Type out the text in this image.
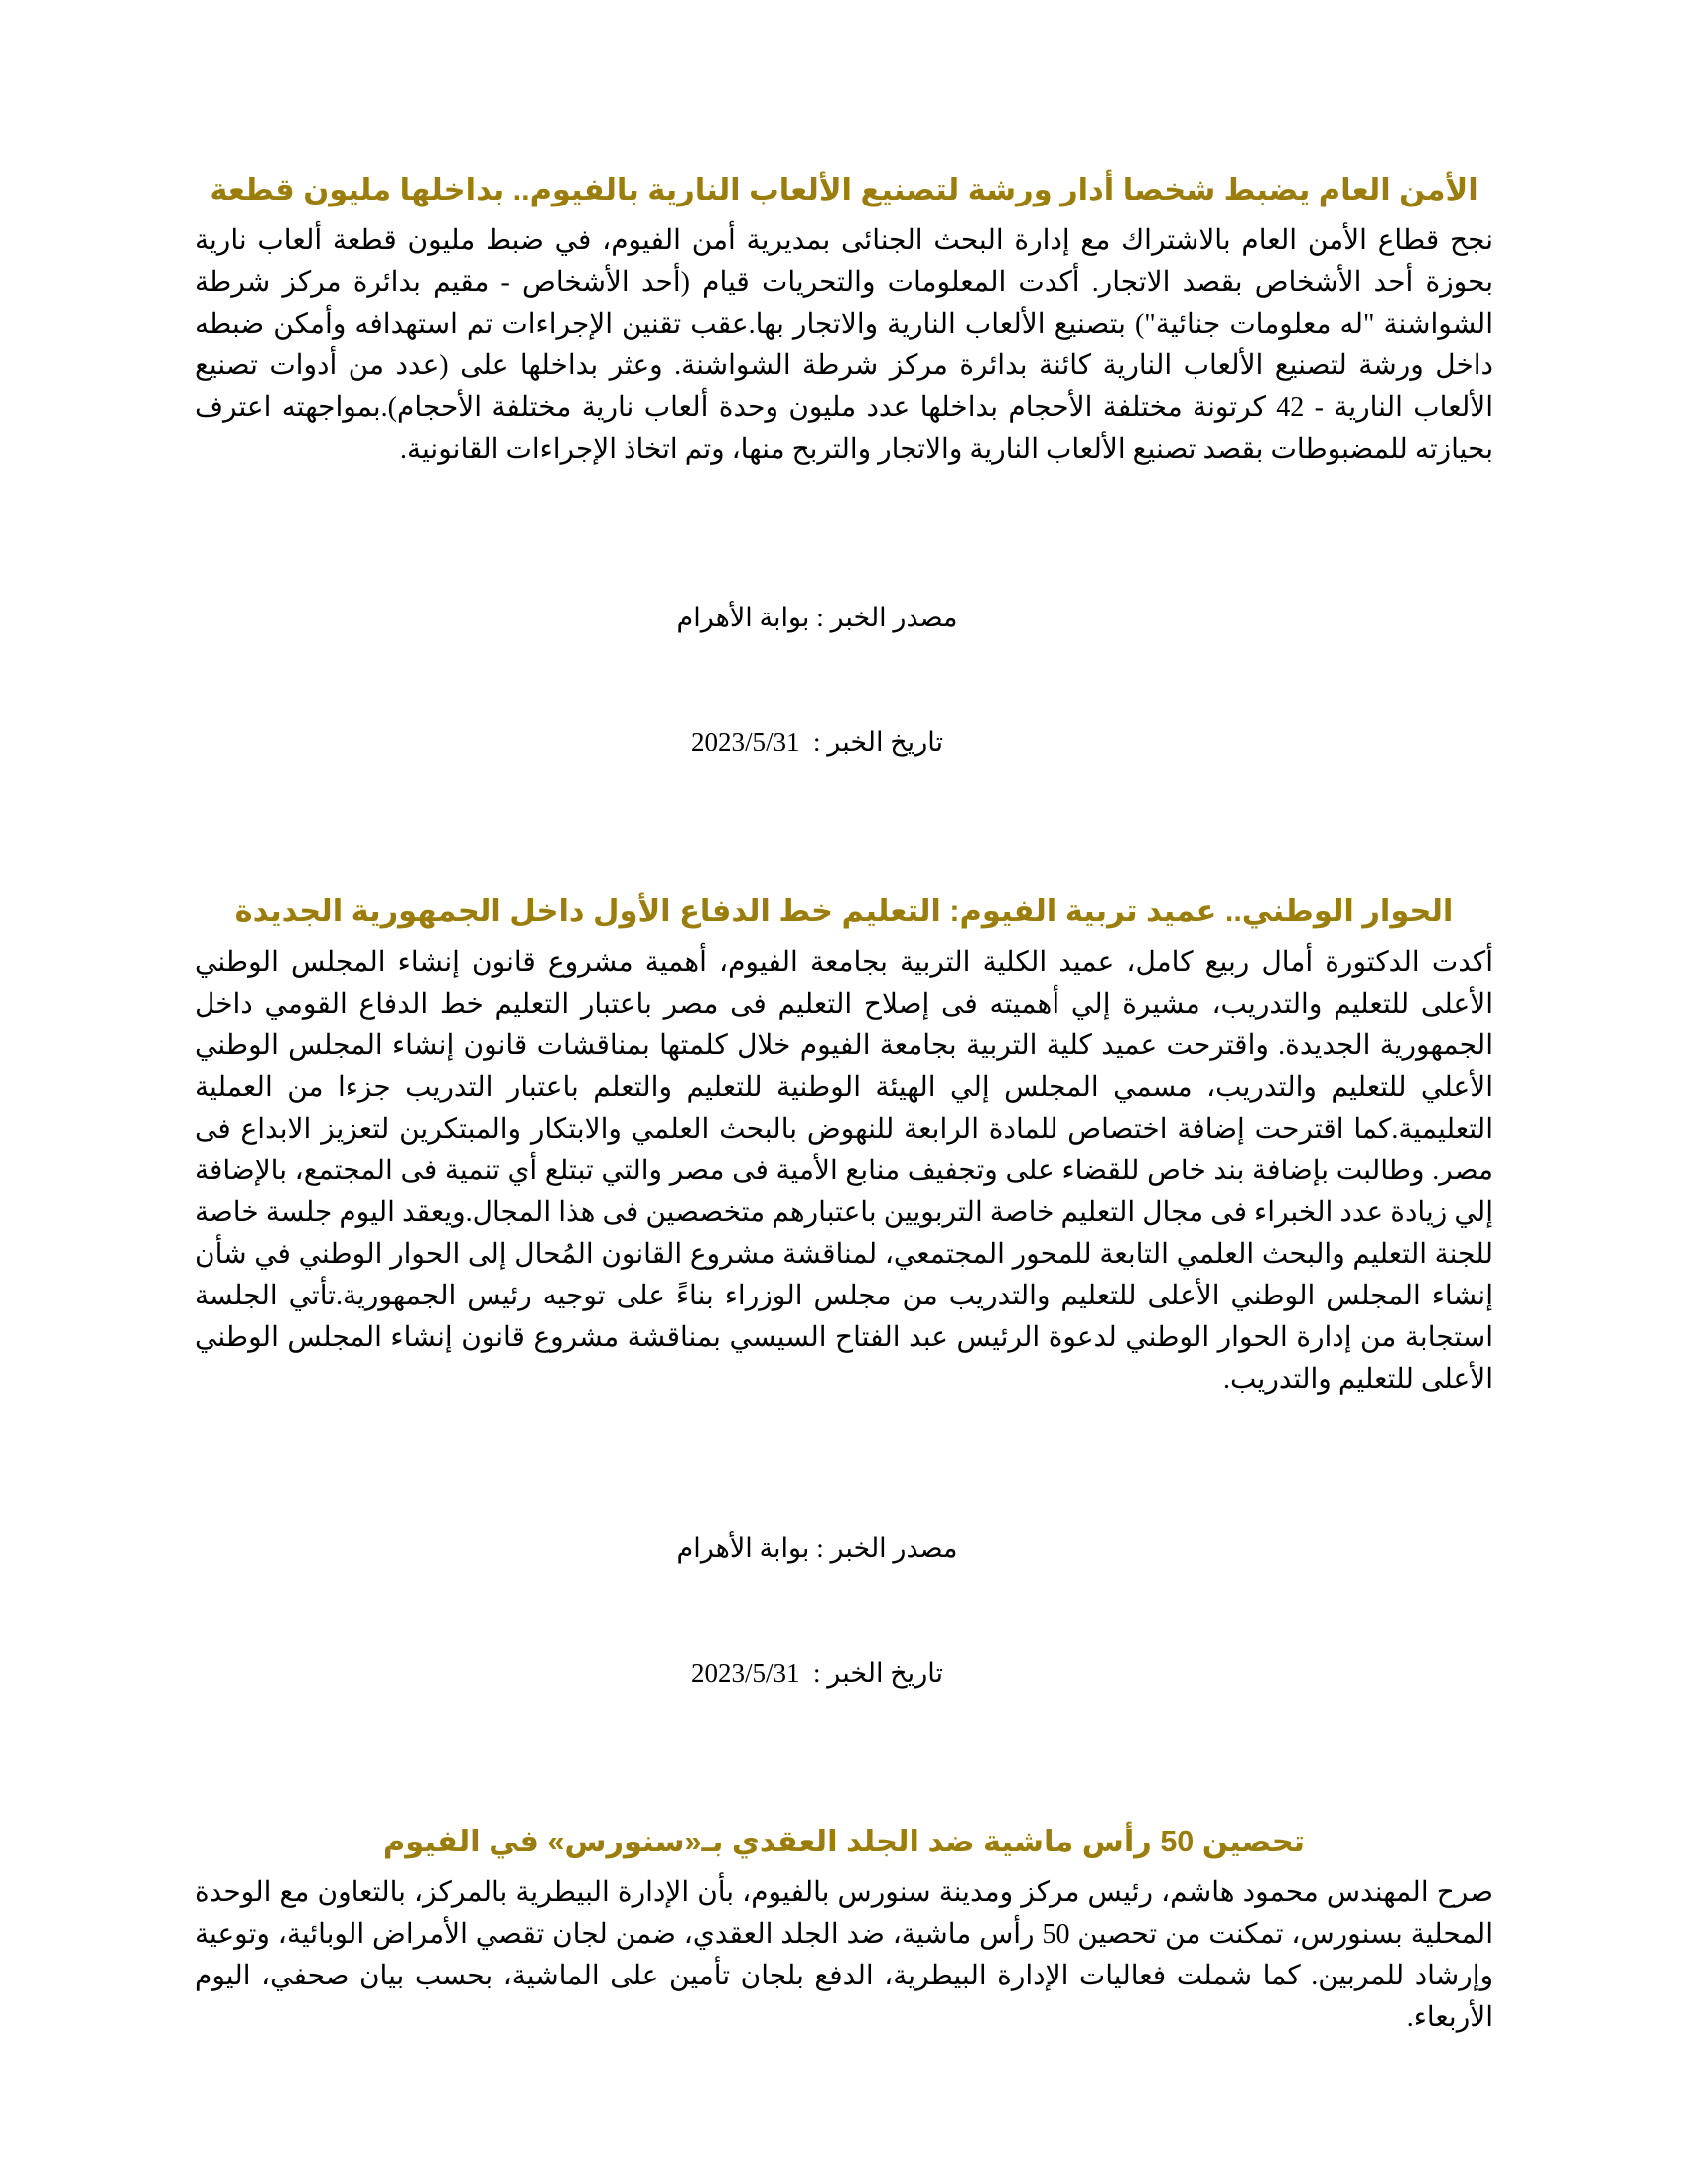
الأمن العام يضبط شخصا أدار ورشة لتصنيع الألعاب النارية بالفيوم.. بداخلها مليون قطعة

نجح قطاع الأمن العام بالاشتراك مع إدارة البحث الجنائى بمديرية أمن الفيوم، في ضبط مليون قطعة ألعاب نارية بحوزة أحد الأشخاص بقصد الاتجار. أكدت المعلومات والتحريات قيام (أحد الأشخاص - مقيم بدائرة مركز شرطة الشواشنة "له معلومات جنائية") بتصنيع الألعاب النارية والاتجار بها.عقب تقنين الإجراءات تم استهدافه وأمكن ضبطه داخل ورشة لتصنيع الألعاب النارية كائنة بدائرة مركز شرطة الشواشنة. وعثر بداخلها على (عدد من أدوات تصنيع الألعاب النارية - 42 كرتونة مختلفة الأحجام بداخلها عدد مليون وحدة ألعاب نارية مختلفة الأحجام).بمواجهته اعترف بحيازته للمضبوطات بقصد تصنيع الألعاب النارية والاتجار والتربح منها، وتم اتخاذ الإجراءات القانونية.

مصدر الخبر : بوابة الأهرام

تاريخ الخبر :  2023/5/31

الحوار الوطني.. عميد تربية الفيوم: التعليم خط الدفاع الأول داخل الجمهورية الجديدة

أكدت الدكتورة أمال ربيع كامل، عميد الكلية التربية بجامعة الفيوم، أهمية مشروع قانون إنشاء المجلس الوطني الأعلى للتعليم والتدريب، مشيرة إلي أهميته فى إصلاح التعليم فى مصر باعتبار التعليم خط الدفاع القومي داخل الجمهورية الجديدة. واقترحت عميد كلية التربية بجامعة الفيوم خلال كلمتها بمناقشات قانون إنشاء المجلس الوطني الأعلي للتعليم والتدريب، مسمي المجلس إلي الهيئة الوطنية للتعليم والتعلم باعتبار التدريب جزءا من العملية التعليمية.كما اقترحت إضافة اختصاص للمادة الرابعة للنهوض بالبحث العلمي والابتكار والمبتكرين لتعزيز الابداع فى مصر. وطالبت بإضافة بند خاص للقضاء على وتجفيف منابع الأمية فى مصر والتي تبتلع أي تنمية فى المجتمع، بالإضافة إلي زيادة عدد الخبراء فى مجال التعليم خاصة التربويين باعتبارهم متخصصين فى هذا المجال.ويعقد اليوم جلسة خاصة للجنة التعليم والبحث العلمي التابعة للمحور المجتمعي، لمناقشة مشروع القانون المُحال إلى الحوار الوطني في شأن إنشاء المجلس الوطني الأعلى للتعليم والتدريب من مجلس الوزراء بناءً على توجيه رئيس الجمهورية.تأتي الجلسة استجابة من إدارة الحوار الوطني لدعوة الرئيس عبد الفتاح السيسي بمناقشة مشروع قانون إنشاء المجلس الوطني الأعلى للتعليم والتدريب.

مصدر الخبر : بوابة الأهرام

تاريخ الخبر :  2023/5/31

تحصين 50 رأس ماشية ضد الجلد العقدي بـ«سنورس» في الفيوم

صرح المهندس محمود هاشم، رئيس مركز ومدينة سنورس بالفيوم، بأن الإدارة البيطرية بالمركز، بالتعاون مع الوحدة المحلية بسنورس، تمكنت من تحصين 50 رأس ماشية، ضد الجلد العقدي، ضمن لجان تقصي الأمراض الوبائية، وتوعية وإرشاد للمربين. كما شملت فعاليات الإدارة البيطرية، الدفع بلجان تأمين على الماشية، بحسب بيان صحفي، اليوم الأربعاء.
